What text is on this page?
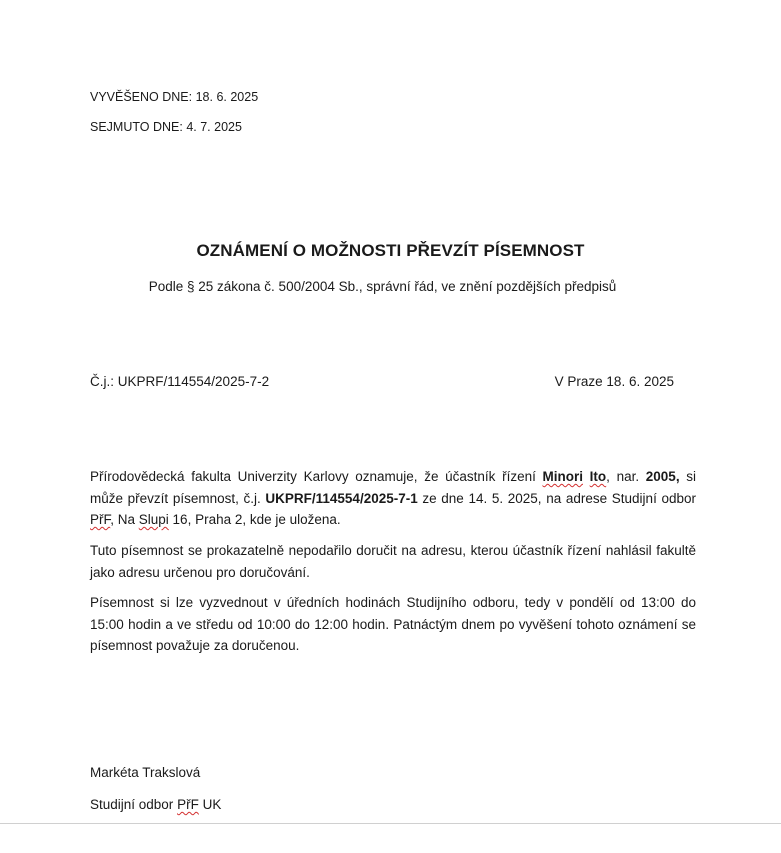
VYVĚŠENO DNE: 18. 6. 2025
SEJMUTO DNE: 4. 7. 2025
OZNÁMENÍ O MOŽNOSTI PŘEVZÍT PÍSEMNOST
Podle § 25 zákona č. 500/2004 Sb., správní řád, ve znění pozdějších předpisů
Č.j.: UKPRF/114554/2025-7-2	V Praze 18. 6. 2025

Přírodovědecká fakulta Univerzity Karlovy oznamuje, že účastník řízení Minori Ito, nar. 2005, si může převzít písemnost, č.j. UKPRF/114554/2025-7-1 ze dne 14. 5. 2025, na adrese Studijní odbor PřF, Na Slupi 16, Praha 2, kde je uložena.

Tuto písemnost se prokazatelně nepodařilo doručit na adresu, kterou účastník řízení nahlásil fakultě jako adresu určenou pro doručování.

Písemnost si lze vyzvednout v úředních hodinách Studijního odboru, tedy v pondělí od 13:00 do 15:00 hodin a ve středu od 10:00 do 12:00 hodin. Patnáctým dnem po vyvěšení tohoto oznámení se písemnost považuje za doručenou.

Markéta Trakslová
Studijní odbor PřF UK
